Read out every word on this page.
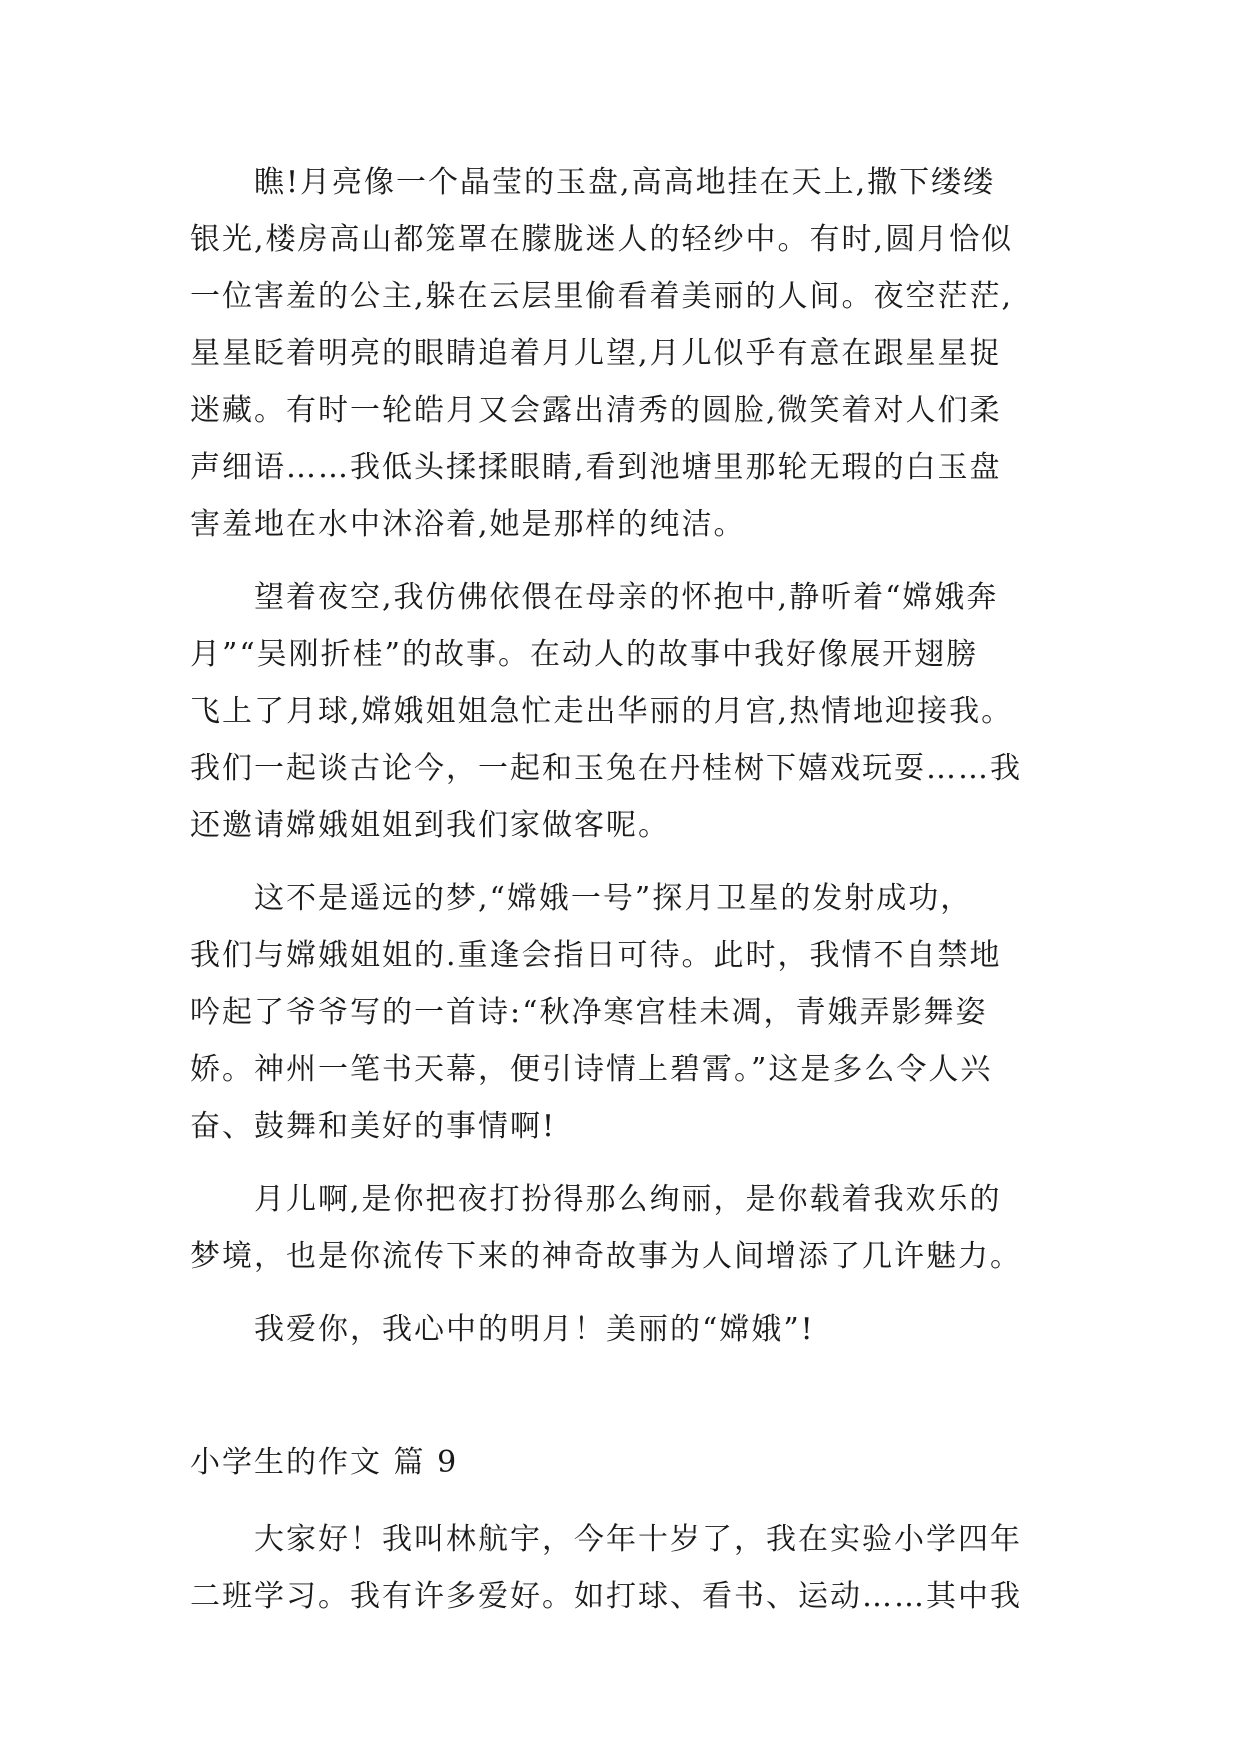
瞧!月亮像一个晶莹的玉盘,高高地挂在天上,撒下缕缕
银光,楼房高山都笼罩在朦胧迷人的轻纱中。有时,圆月恰似
一位害羞的公主,躲在云层里偷看着美丽的人间。夜空茫茫,
星星眨着明亮的眼睛追着月儿望,月儿似乎有意在跟星星捉
迷藏。有时一轮皓月又会露出清秀的圆脸,微笑着对人们柔
声细语……我低头揉揉眼睛,看到池塘里那轮无瑕的白玉盘
害羞地在水中沐浴着,她是那样的纯洁。
望着夜空,我仿佛依偎在母亲的怀抱中,静听着“嫦娥奔
月”“吴刚折桂”的故事。在动人的故事中我好像展开翅膀
飞上了月球,嫦娥姐姐急忙走出华丽的月宫,热情地迎接我。
我们一起谈古论今，一起和玉兔在丹桂树下嬉戏玩耍……我
还邀请嫦娥姐姐到我们家做客呢。
这不是遥远的梦,“嫦娥一号”探月卫星的发射成功，
我们与嫦娥姐姐的.重逢会指日可待。此时，我情不自禁地
吟起了爷爷写的一首诗:“秋净寒宫桂未凋，青娥弄影舞姿
娇。神州一笔书天幕，便引诗情上碧霄。”这是多么令人兴
奋、鼓舞和美好的事情啊!
月儿啊,是你把夜打扮得那么绚丽，是你载着我欢乐的
梦境，也是你流传下来的神奇故事为人间增添了几许魅力。
我爱你，我心中的明月！美丽的“嫦娥”!
小学生的作文 篇 9
大家好！我叫林航宇，今年十岁了，我在实验小学四年
二班学习。我有许多爱好。如打球、看书、运动……其中我
